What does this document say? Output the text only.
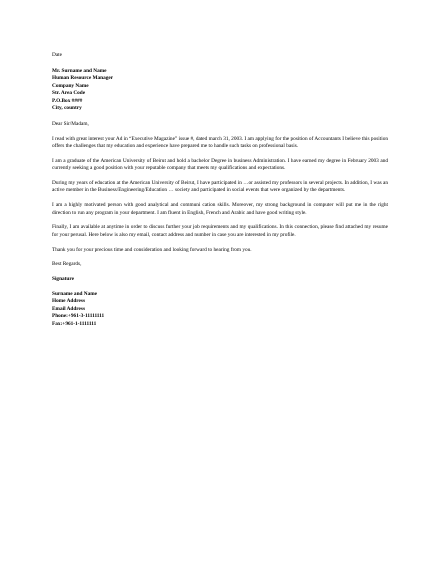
Date
Mr. Surname and Name
Human Resource Manager
Company Name
Str. Area Code
P.O.Box ####
City, country
Dear Sir/Madam,

I read with great interest your Ad in “Executive Magazine” issue #, dated march 31, 2003. I am applying for the position of Accountants I believe this position offers the challenges that my education and experience have prepared me to handle such tasks on professional basis.

I am a graduate of the American University of Beirut and hold a bachelor Degree in business Administration. I have earned my degree in February 2003 and currently seeking a good position with your reputable company that meets my qualifications and expectations.

During my years of education at the American University of Beirut, I have participated in …or assisted my professors in several projects. In addition, I was an active member in the Business/Engineering/Education … society and participated in social events that were organized by the departments.

I am a highly motivated person with good analytical and communi cation skills. Moreover, my strong background in computer will put me in the right direction to run any program in your department. I am fluent in English, French and Arabic and have good writing style.

Finally, I am available at anytime in order to discuss further your job requirements and my qualifications. In this connection, please find attached my resume for your perusal. Here below is also my email, contact address and number in case you are interested in my profile.

Thank you for your precious time and consideration and looking forward to hearing from you.

Best Regards,
Signature
Surname and Name
Home Address
Email Address
Phone:+961-3-11111111
Fax:+961-1-1111111
